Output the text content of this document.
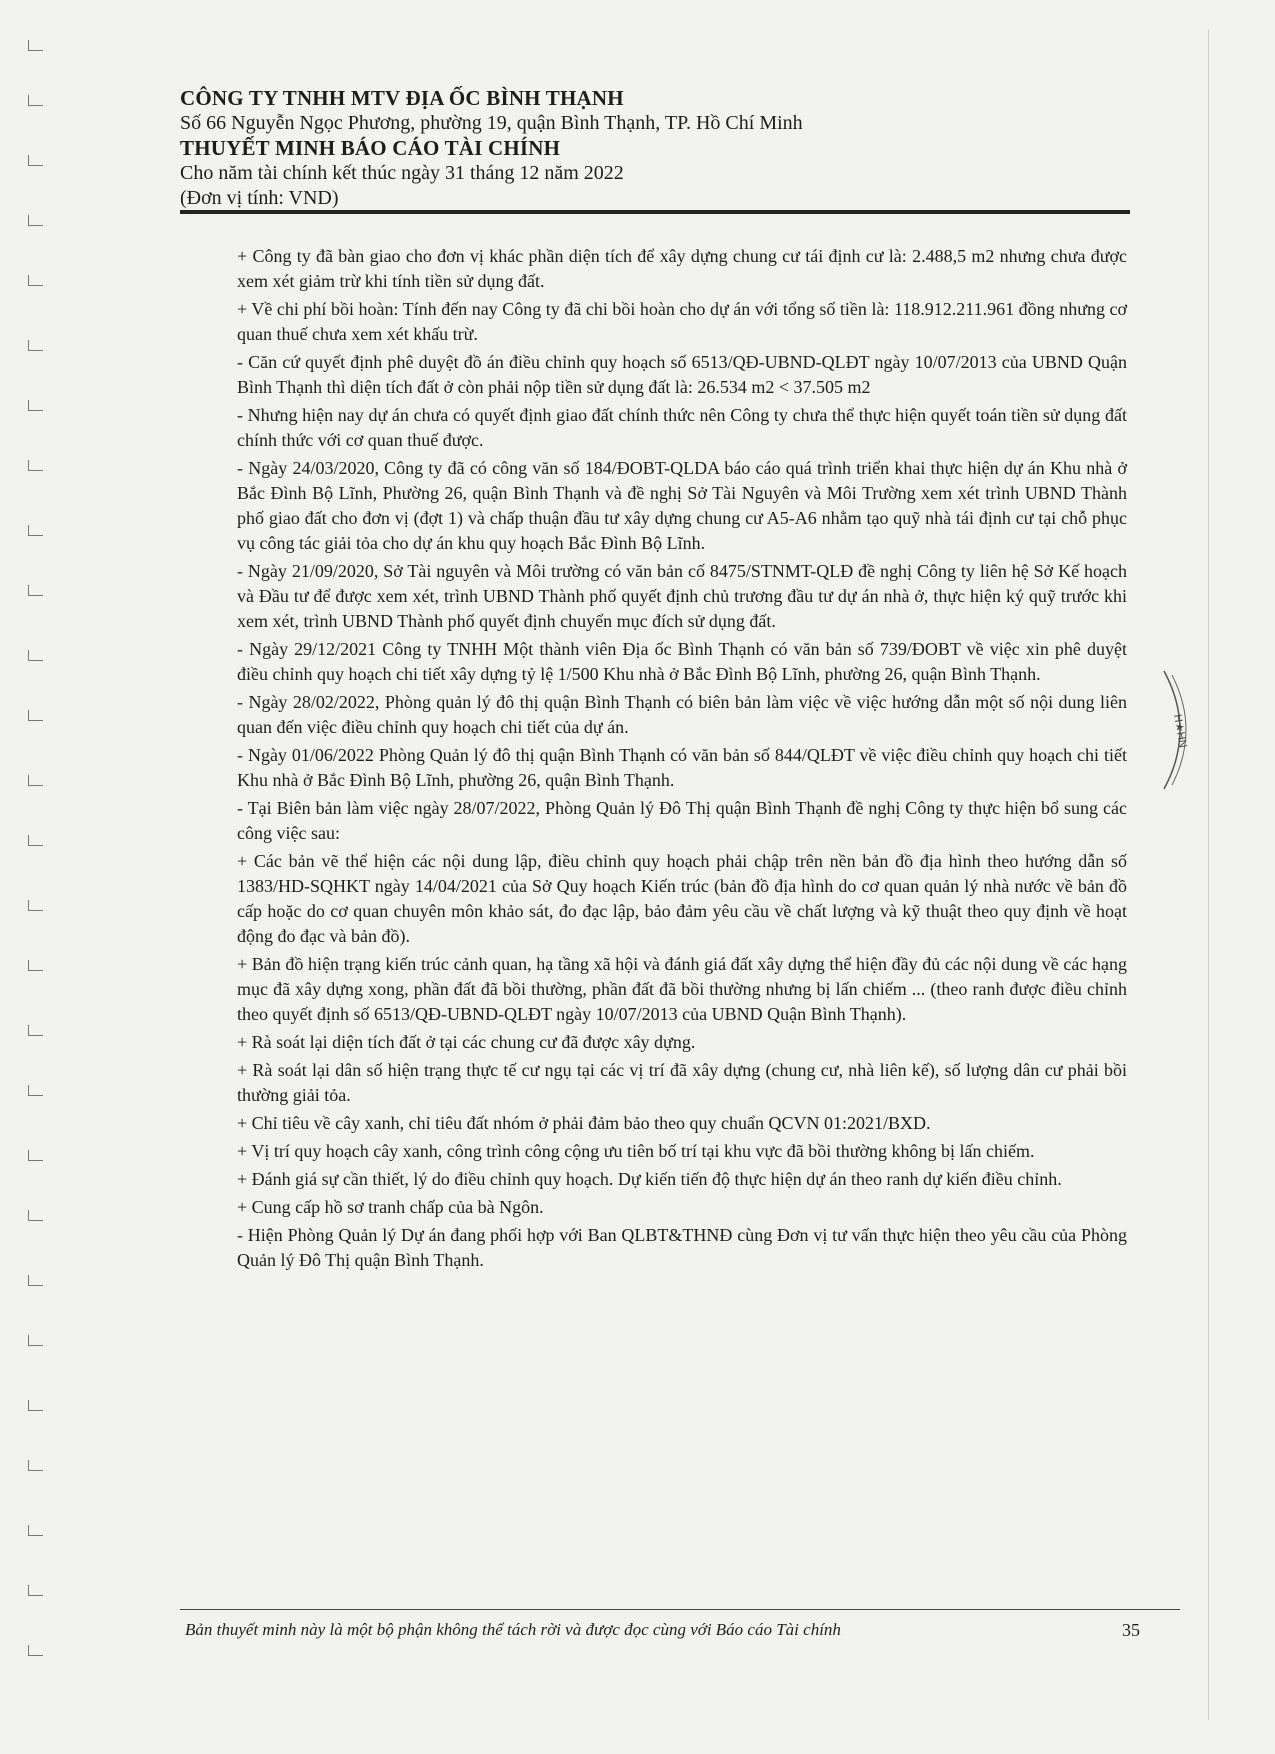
CÔNG TY TNHH MTV ĐỊA ỐC BÌNH THẠNH
Số 66 Nguyễn Ngọc Phương, phường 19, quận Bình Thạnh, TP. Hồ Chí Minh
THUYẾT MINH BÁO CÁO TÀI CHÍNH
Cho năm tài chính kết thúc ngày 31 tháng 12 năm 2022
(Đơn vị tính: VND)

+ Công ty đã bàn giao cho đơn vị khác phần diện tích để xây dựng chung cư tái định cư là: 2.488,5 m2 nhưng chưa được xem xét giảm trừ khi tính tiền sử dụng đất.

+ Về chi phí bồi hoàn: Tính đến nay Công ty đã chi bồi hoàn cho dự án với tổng số tiền là: 118.912.211.961 đồng nhưng cơ quan thuế chưa xem xét khấu trừ.

- Căn cứ quyết định phê duyệt đồ án điều chỉnh quy hoạch số 6513/QĐ-UBND-QLĐT ngày 10/07/2013 của UBND Quận Bình Thạnh thì diện tích đất ở còn phải nộp tiền sử dụng đất là: 26.534 m2 < 37.505 m2

- Nhưng hiện nay dự án chưa có quyết định giao đất chính thức nên Công ty chưa thể thực hiện quyết toán tiền sử dụng đất chính thức với cơ quan thuế được.

- Ngày 24/03/2020, Công ty đã có công văn số 184/ĐOBT-QLDA báo cáo quá trình triển khai thực hiện dự án Khu nhà ở Bắc Đình Bộ Lĩnh, Phường 26, quận Bình Thạnh và đề nghị Sở Tài Nguyên và Môi Trường xem xét trình UBND Thành phố giao đất cho đơn vị (đợt 1) và chấp thuận đầu tư xây dựng chung cư A5-A6 nhằm tạo quỹ nhà tái định cư tại chỗ phục vụ công tác giải tỏa cho dự án khu quy hoạch Bắc Đình Bộ Lĩnh.

- Ngày 21/09/2020, Sở Tài nguyên và Môi trường có văn bản cố 8475/STNMT-QLĐ đề nghị Công ty liên hệ Sở Kế hoạch và Đầu tư để được xem xét, trình UBND Thành phố quyết định chủ trương đầu tư dự án nhà ở, thực hiện ký quỹ trước khi xem xét, trình UBND Thành phố quyết định chuyển mục đích sử dụng đất.

- Ngày 29/12/2021 Công ty TNHH Một thành viên Địa ốc Bình Thạnh có văn bản số 739/ĐOBT về việc xin phê duyệt điều chỉnh quy hoạch chi tiết xây dựng tỷ lệ 1/500 Khu nhà ở Bắc Đình Bộ Lĩnh, phường 26, quận Bình Thạnh.

- Ngày 28/02/2022, Phòng quản lý đô thị quận Bình Thạnh có biên bản làm việc về việc hướng dẫn một số nội dung liên quan đến việc điều chỉnh quy hoạch chi tiết của dự án.

- Ngày 01/06/2022 Phòng Quản lý đô thị quận Bình Thạnh có văn bản số 844/QLĐT về việc điều chỉnh quy hoạch chi tiết Khu nhà ở Bắc Đình Bộ Lĩnh, phường 26, quận Bình Thạnh.

- Tại Biên bản làm việc ngày 28/07/2022, Phòng Quản lý Đô Thị quận Bình Thạnh đề nghị Công ty thực hiện bổ sung các công việc sau:

+ Các bản vẽ thể hiện các nội dung lập, điều chỉnh quy hoạch phải chập trên nền bản đồ địa hình theo hướng dẫn số 1383/HD-SQHKT ngày 14/04/2021 của Sở Quy hoạch Kiến trúc (bản đồ địa hình do cơ quan quản lý nhà nước về bản đồ cấp hoặc do cơ quan chuyên môn khảo sát, đo đạc lập, bảo đảm yêu cầu về chất lượng và kỹ thuật theo quy định về hoạt động đo đạc và bản đồ).

+ Bản đồ hiện trạng kiến trúc cảnh quan, hạ tầng xã hội và đánh giá đất xây dựng thể hiện đầy đủ các nội dung về các hạng mục đã xây dựng xong, phần đất đã bồi thường, phần đất đã bồi thường nhưng bị lấn chiếm ... (theo ranh được điều chỉnh theo quyết định số 6513/QĐ-UBND-QLĐT ngày 10/07/2013 của UBND Quận Bình Thạnh).

+ Rà soát lại diện tích đất ở tại các chung cư đã được xây dựng.

+ Rà soát lại dân số hiện trạng thực tế cư ngụ tại các vị trí đã xây dựng (chung cư, nhà liên kế), số lượng dân cư phải bồi thường giải tỏa.

+ Chỉ tiêu về cây xanh, chỉ tiêu đất nhóm ở phải đảm bảo theo quy chuẩn QCVN 01:2021/BXD.

+ Vị trí quy hoạch cây xanh, công trình công cộng ưu tiên bố trí tại khu vực đã bồi thường không bị lấn chiếm.

+ Đánh giá sự cần thiết, lý do điều chỉnh quy hoạch. Dự kiến tiến độ thực hiện dự án theo ranh dự kiến điều chỉnh.

+ Cung cấp hồ sơ tranh chấp của bà Ngôn.

- Hiện Phòng Quản lý Dự án đang phối hợp với Ban QLBT&THNĐ cùng Đơn vị tư vấn thực hiện theo yêu cầu của Phòng Quản lý Đô Thị quận Bình Thạnh.

H★HN
Bản thuyết minh này là một bộ phận không thể tách rời và được đọc cùng với Báo cáo Tài chính	35
